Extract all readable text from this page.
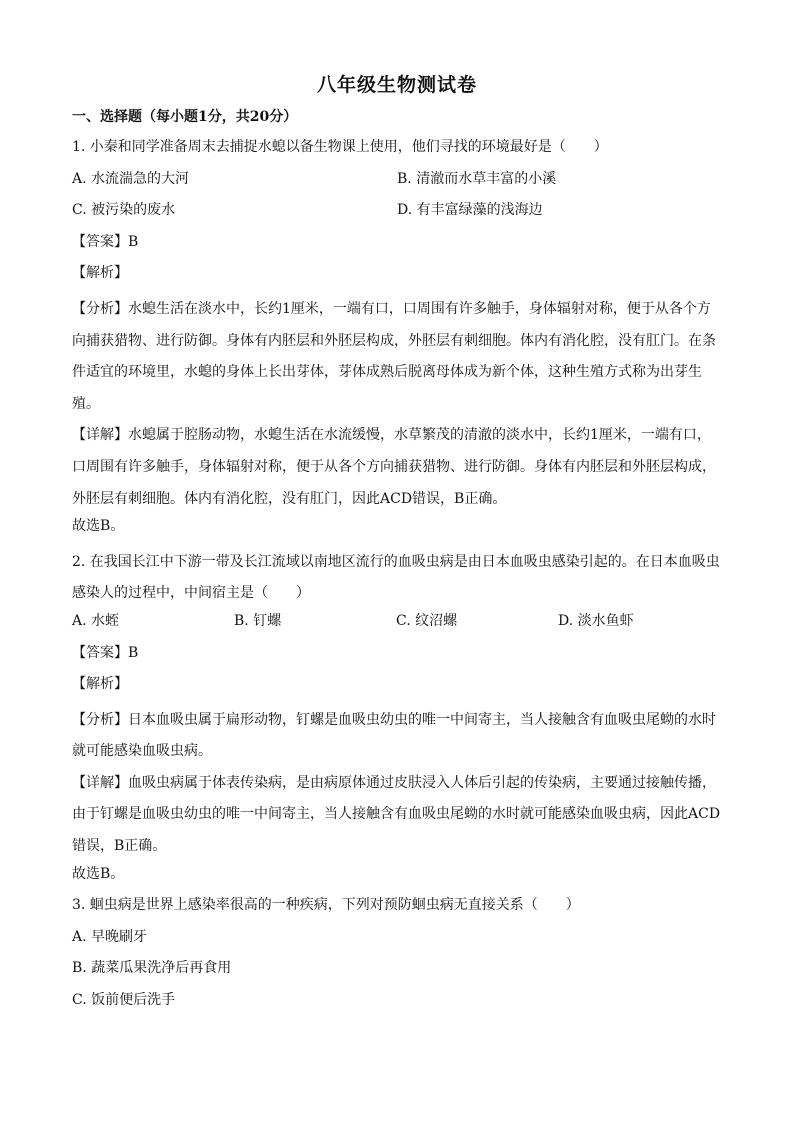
八年级生物测试卷
一、选择题（每小题1分，共20分）
1. 小秦和同学准备周末去捕捉水螅以备生物课上使用，他们寻找的环境最好是（　　）
A. 水流湍急的大河	B. 清澈而水草丰富的小溪
C. 被污染的废水	D. 有丰富绿藻的浅海边
【答案】B
【解析】
【分析】水螅生活在淡水中，长约1厘米，一端有口，口周围有许多触手，身体辐射对称，便于从各个方向捕获猎物、进行防御。身体有内胚层和外胚层构成，外胚层有刺细胞。体内有消化腔，没有肛门。在条件适宜的环境里，水螅的身体上长出芽体，芽体成熟后脱离母体成为新个体，这种生殖方式称为出芽生殖。
【详解】水螅属于腔肠动物，水螅生活在水流缓慢，水草繁茂的清澈的淡水中，长约1厘米，一端有口，口周围有许多触手，身体辐射对称，便于从各个方向捕获猎物、进行防御。身体有内胚层和外胚层构成，外胚层有刺细胞。体内有消化腔，没有肛门，因此ACD错误，B正确。
故选B。
2. 在我国长江中下游一带及长江流域以南地区流行的血吸虫病是由日本血吸虫感染引起的。在日本血吸虫感染人的过程中，中间宿主是（　　）
A. 水蛭	B. 钉螺	C. 纹沼螺	D. 淡水鱼虾
【答案】B
【解析】
【分析】日本血吸虫属于扁形动物，钉螺是血吸虫幼虫的唯一中间寄主，当人接触含有血吸虫尾蚴的水时就可能感染血吸虫病。
【详解】血吸虫病属于体表传染病，是由病原体通过皮肤浸入人体后引起的传染病，主要通过接触传播，由于钉螺是血吸虫幼虫的唯一中间寄主，当人接触含有血吸虫尾蚴的水时就可能感染血吸虫病，因此ACD错误，B正确。
故选B。
3. 蛔虫病是世界上感染率很高的一种疾病，下列对预防蛔虫病无直接关系（　　）
A. 早晚刷牙
B. 蔬菜瓜果洗净后再食用
C. 饭前便后洗手
